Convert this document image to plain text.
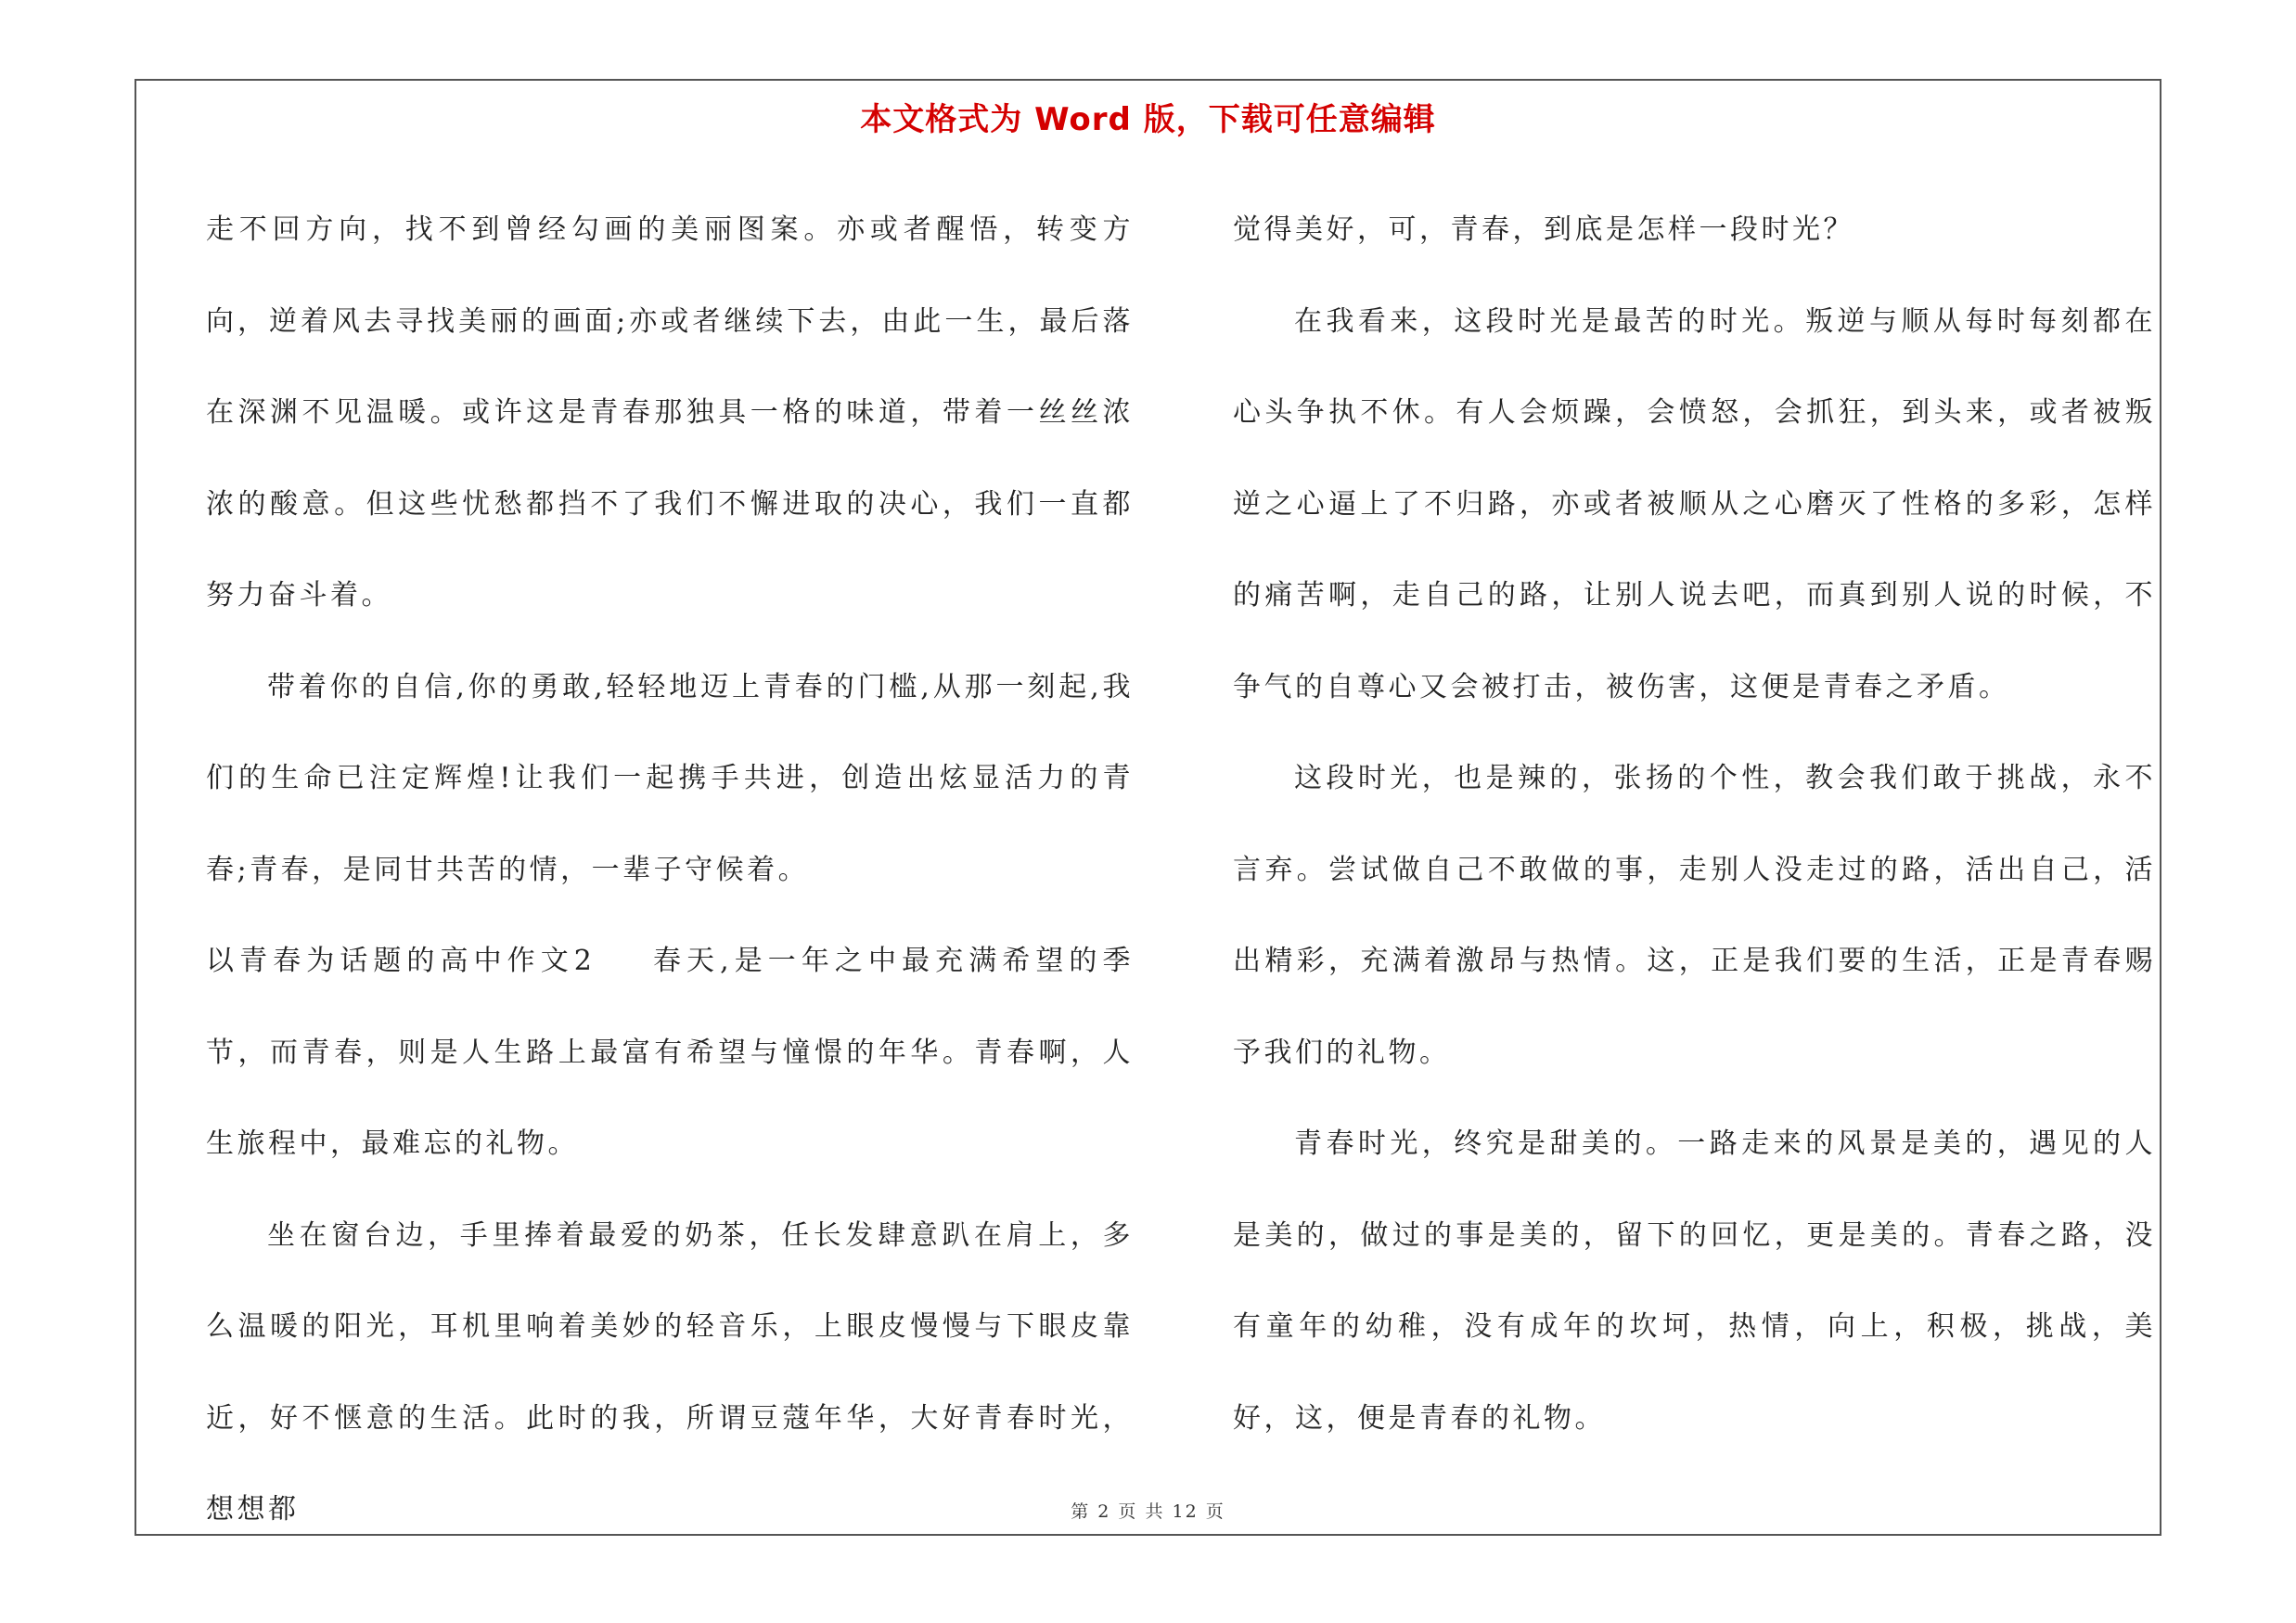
本文格式为 Word 版，下载可任意编辑

走不回方向，找不到曾经勾画的美丽图案。亦或者醒悟，转变方向，逆着风去寻找美丽的画面;亦或者继续下去，由此一生，最后落在深渊不见温暖。或许这是青春那独具一格的味道，带着一丝丝浓浓的酸意。但这些忧愁都挡不了我们不懈进取的决心，我们一直都努力奋斗着。

带着你的自信,你的勇敢,轻轻地迈上青春的门槛,从那一刻起,我们的生命已注定辉煌!让我们一起携手共进，创造出炫显活力的青春;青春，是同甘共苦的情，一辈子守候着。

以青春为话题的高中作文2 春天,是一年之中最充满希望的季节，而青春，则是人生路上最富有希望与憧憬的年华。青春啊，人生旅程中，最难忘的礼物。

坐在窗台边，手里捧着最爱的奶茶，任长发肆意趴在肩上，多么温暖的阳光，耳机里响着美妙的轻音乐，上眼皮慢慢与下眼皮靠近，好不惬意的生活。此时的我，所谓豆蔻年华，大好青春时光，想想都

觉得美好，可，青春，到底是怎样一段时光？

在我看来，这段时光是最苦的时光。叛逆与顺从每时每刻都在心头争执不休。有人会烦躁，会愤怒，会抓狂，到头来，或者被叛逆之心逼上了不归路，亦或者被顺从之心磨灭了性格的多彩，怎样的痛苦啊，走自己的路，让别人说去吧，而真到别人说的时候，不争气的自尊心又会被打击，被伤害，这便是青春之矛盾。

这段时光，也是辣的，张扬的个性，教会我们敢于挑战，永不言弃。尝试做自己不敢做的事，走别人没走过的路，活出自己，活出精彩，充满着激昂与热情。这，正是我们要的生活，正是青春赐予我们的礼物。

青春时光，终究是甜美的。一路走来的风景是美的，遇见的人是美的，做过的事是美的，留下的回忆，更是美的。青春之路，没有童年的幼稚，没有成年的坎坷，热情，向上，积极，挑战，美好，这，便是青春的礼物。

第 2 页 共 12 页
